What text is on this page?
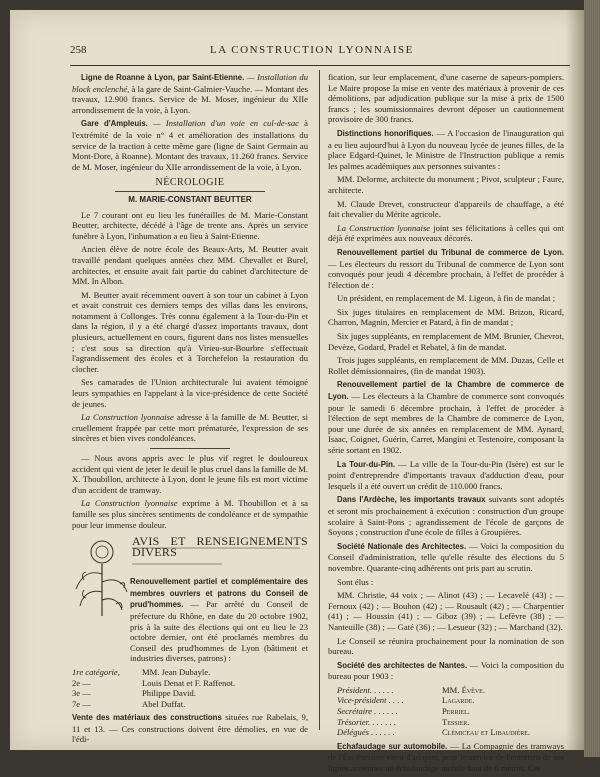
258	LA CONSTRUCTION LYONNAISE

Ligne de Roanne à Lyon, par Saint-Etienne. — Installation du block enclenché, à la gare de Saint-Galmier-Vauche. — Montant des travaux, 12.900 francs. Service de M. Moser, ingénieur du XIIe arrondissement de la voie, à Lyon.

Gare d'Ampleuis. — Installation d'un voie en cul-de-sac à l'extrémité de la voie n° 4 et amélioration des installations du service de la traction à cette même gare (ligne de Saint Germain au Mont-Dore, à Roanne). Montant des travaux, 11.260 francs. Service de M. Moser, ingénieur du XIIe arrondissement de la voie, à Lyon.

NÉCROLOGIE
M. MARIE-CONSTANT BEUTTER

Le 7 courant ont eu lieu les funérailles de M. Marie-Constant Beutter, architecte, décédé à l'âge de trente ans. Après un service funèbre à Lyon, l'inhumation a eu lieu à Saint-Etienne.

Ancien élève de notre école des Beaux-Arts, M. Beutter avait travaillé pendant quelques années chez MM. Chevallet et Burel, architectes, et ensuite avait fait partie du cabinet d'architecture de MM. In Albon.

M. Beutter avait récemment ouvert à son tour un cabinet à Lyon et avait construit ces derniers temps des villas dans les environs, notamment à Collonges. Très connu également à la Tour-du-Pin et dans la région, il y a été chargé d'assez importants travaux, dont plusieurs, actuellement en cours, figurent dans nos listes mensuelles ; c'est sous sa direction qu'à Virieu-sur-Bourbre s'effectuait l'agrandissement des écoles et à Torchefelon la restauration du clocher.

Ses camarades de l'Union architecturale lui avaient témoigné leurs sympathies en l'appelant à la vice-présidence de cette Société de jeunes.

La Construction lyonnaise adresse à la famille de M. Beutter, si cruellement frappée par cette mort prématurée, l'expression de ses sincères et bien vives condoléances.

— Nous avons appris avec le plus vif regret le douloureux accident qui vient de jeter le deuil le plus cruel dans la famille de M. X. Thoubillon, architecte à Lyon, dont le jeune fils est mort victime d'un accident de tramway.

La Construction lyonnaise exprime à M. Thoubillon et à sa famille ses plus sincères sentiments de condoléance et de sympathie pour leur immense douleur.

AVIS ET RENSEIGNEMENTS DIVERS

Renouvellement partiel et complémentaire des membres ouvriers et patrons du Conseil de prud'hommes. — Par arrêté du Conseil de préfecture du Rhône, en date du 20 octobre 1902, pris à la suite des élections qui ont eu lieu le 23 octobre dernier, ont été proclamés membres du Conseil des prud'hommes de Lyon (bâtiment et industries diverses, patrons) :

1re catégorie,	MM. Jean Dubayle.
2e —	Louis Denat et F. Raffenot.
3e —	Philippe David.
7e —	Abel Duffat.

Vente des matériaux des constructions situées rue Rabelais, 9, 11 et 13. — Ces constructions doivent être démolies, en vue de l'édi-

fication, sur leur emplacement, d'une caserne de sapeurs-pompiers. Le Maire propose la mise en vente des matériaux à provenir de ces démolitions, par adjudication publique sur la mise à prix de 1500 francs ; les soumissionnaires devront déposer un cautionnement provisoire de 300 francs.

Distinctions honorifiques. — A l'occasion de l'inauguration qui a eu lieu aujourd'hui à Lyon du nouveau lycée de jeunes filles, de la place Edgard-Quinet, le Ministre de l'Instruction publique a remis les palmes académiques aux personnes suivantes :

MM. Delorme, architecte du monument ; Pivot, sculpteur ; Faure, architecte.

M. Claude Drevet, constructeur d'appareils de chauffage, a été fait chevalier du Mérite agricole.

La Construction lyonnaise joint ses félicitations à celles qui ont déjà été exprimées aux nouveaux décorés.

Renouvellement partiel du Tribunal de commerce de Lyon. — Les électeurs du ressort du Tribunal de commerce de Lyon sont convoqués pour jeudi 4 décembre prochain, à l'effet de procéder à l'élection de :

Un président, en remplacement de M. Ligeon, à fin de mandat ;

Six juges titulaires en remplacement de MM. Brizon, Ricard, Charron, Magnin, Mercier et Patard, à fin de mandat ;

Six juges suppléants, en remplacement de MM. Brunier, Chevrot, Devèze, Godard, Pradel et Rebatel, à fin de mandat.

Trois juges suppléants, en remplacement de MM. Duzas, Celle et Rollet démissionnaires, (fin de mandat 1903).

Renouvellement partiel de la Chambre de commerce de Lyon. — Les électeurs à la Chambre de commerce sont convoqués pour le samedi 6 décembre prochain, à l'effet de procéder à l'élection de sept membres de la Chambre de commerce de Lyon, pour une durée de six années en remplacement de MM. Aynard, Isaac, Coignet, Guérin, Carret, Mangini et Testenoire, composant la série sortant en 1902.

La Tour-du-Pin. — La ville de la Tour-du-Pin (Isère) est sur le point d'entreprendre d'importants travaux d'adduction d'eau, pour lesquels il a été ouvert un crédit de 110.000 francs.

Dans l'Ardèche, les importants travaux suivants sont adoptés et seront mis prochainement à exécution : construction d'un groupe scolaire à Saint-Pons ; agrandissement de l'école de garçons de Soyons ; construction d'une école de filles à Groupières.

Société Nationale des Architectes. — Voici la composition du Conseil d'administration, telle qu'elle résulte des élections du 5 novembre. Quarante-cinq adhérents ont pris part au scrutin.

Sont élus :

MM. Christie, 44 voix ; — Alinot (43) ; — Lecavelé (43) ; — Fernoux (42) ; — Bouhon (42) ; — Rousault (42) ; — Charpentier (41) ; — Houssin (41) ; — Giboz (39) ; — Lefèvre (38) ; — Nanteuille (38) ; — Gaté (36) ; — Lesueur (32) ; — Marchand (32).

Le Conseil se réunira prochainement pour la nomination de son bureau.

Société des architectes de Nantes. — Voici la composition du bureau pour 1903 :

Président. . . . . .	MM. Évêve.
Vice-président . . . .	Lagarde.
Secrétaire . . . . . .	Perriel.
Trésorier. . . . . . .	Tessier.
Délégués . . . . . .	Clémiceau et Libaudière.

Echafaudage sur automobile. — La Compagnie des tramways de l'Est-Parisien vient d'adopter, pour le service de l'entretien de ses lignes aériennes un échafaudage mobile haut de 6 mètres. Cet
